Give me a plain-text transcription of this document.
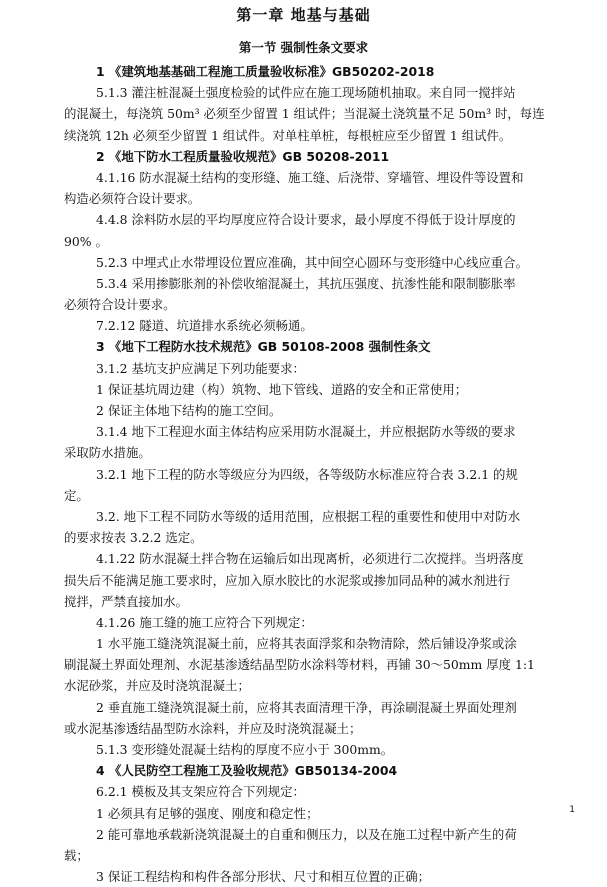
第一章 地基与基础
第一节 强制性条文要求
1 《建筑地基基础工程施工质量验收标准》GB50202-2018
5.1.3 灌注桩混凝土强度检验的试件应在施工现场随机抽取。来自同一搅拌站
的混凝土，每浇筑 50m³ 必须至少留置 1 组试件；当混凝土浇筑量不足 50m³ 时，每连
续浇筑 12h 必须至少留置 1 组试件。对单柱单桩，每根桩应至少留置 1 组试件。
2 《地下防水工程质量验收规范》GB 50208-2011
4.1.16 防水混凝土结构的变形缝、施工缝、后浇带、穿墙管、埋设件等设置和
构造必须符合设计要求。
4.4.8 涂料防水层的平均厚度应符合设计要求，最小厚度不得低于设计厚度的
90% 。
5.2.3 中埋式止水带埋设位置应准确，其中间空心圆环与变形缝中心线应重合。
5.3.4 采用掺膨胀剂的补偿收缩混凝土，其抗压强度、抗渗性能和限制膨胀率
必须符合设计要求。
7.2.12 隧道、坑道排水系统必须畅通。
3 《地下工程防水技术规范》GB 50108-2008 强制性条文
3.1.2 基坑支护应满足下列功能要求：
1 保证基坑周边建（构）筑物、地下管线、道路的安全和正常使用；
2 保证主体地下结构的施工空间。
3.1.4 地下工程迎水面主体结构应采用防水混凝土，并应根据防水等级的要求
采取防水措施。
3.2.1 地下工程的防水等级应分为四级，各等级防水标准应符合表 3.2.1 的规
定。
3.2. 地下工程不同防水等级的适用范围，应根据工程的重要性和使用中对防水
的要求按表 3.2.2 选定。
4.1.22 防水混凝土拌合物在运输后如出现离析，必须进行二次搅拌。当坍落度
损失后不能满足施工要求时，应加入原水胶比的水泥浆或掺加同品种的减水剂进行
搅拌，严禁直接加水。
4.1.26 施工缝的施工应符合下列规定：
1 水平施工缝浇筑混凝土前，应将其表面浮浆和杂物清除，然后铺设净浆或涂
刷混凝土界面处理剂、水泥基渗透结晶型防水涂料等材料，再铺 30～50mm 厚度 1:1
水泥砂浆，并应及时浇筑混凝土；
2 垂直施工缝浇筑混凝土前，应将其表面清理干净，再涂刷混凝土界面处理剂
或水泥基渗透结晶型防水涂料，并应及时浇筑混凝土；
5.1.3 变形缝处混凝土结构的厚度不应小于 300mm。
4 《人民防空工程施工及验收规范》GB50134-2004
6.2.1 模板及其支架应符合下列规定：
1 必须具有足够的强度、刚度和稳定性；
2 能可靠地承载新浇筑混凝土的自重和侧压力，以及在施工过程中新产生的荷
载；
3 保证工程结构和构件各部分形状、尺寸和相互位置的正确；
1
